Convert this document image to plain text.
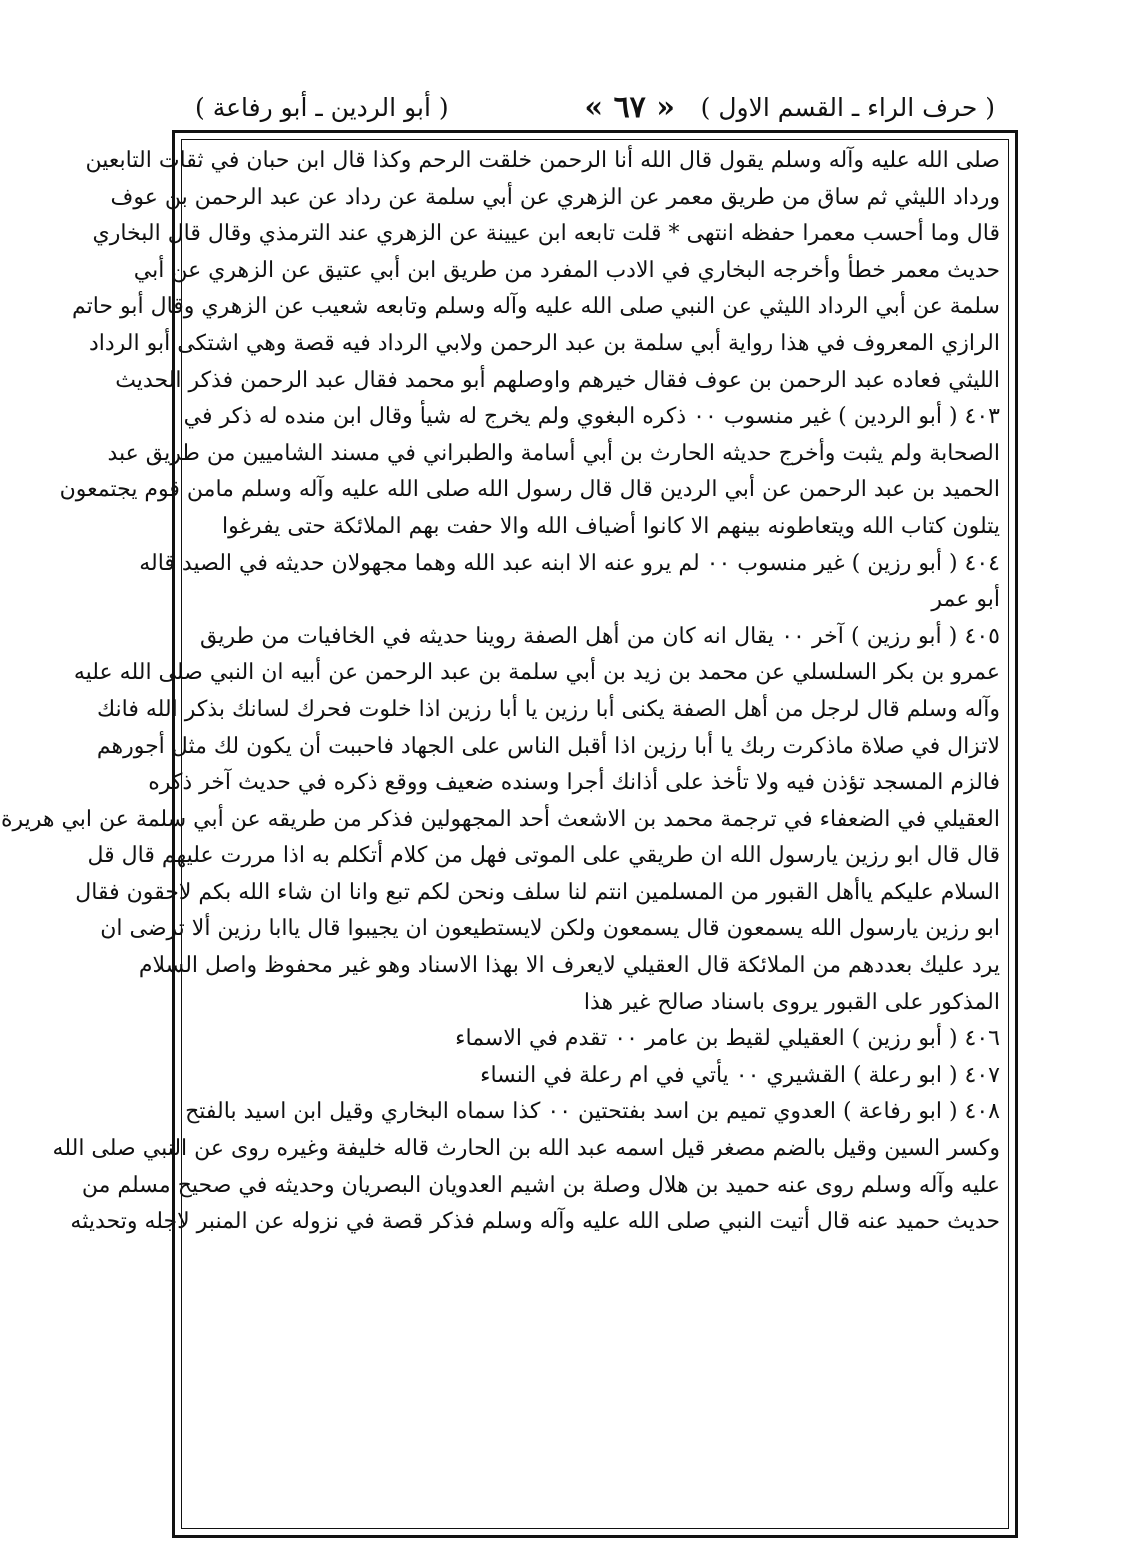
( حرف الراء ـ القسم الاول )
« ٦٧ »
( أبو الردين ـ أبو رفاعة )
صلى الله عليه وآله وسلم يقول قال الله أنا الرحمن خلقت الرحم وكذا قال ابن حبان في ثقات التابعين
ورداد الليثي ثم ساق من طريق معمر عن الزهري عن أبي سلمة عن رداد عن عبد الرحمن بن عوف
قال وما أحسب معمرا حفظه انتهى * قلت تابعه ابن عيينة عن الزهري عند الترمذي وقال قال البخاري
حديث معمر خطأ وأخرجه البخاري في الادب المفرد من طريق ابن أبي عتيق عن الزهري عن أبي
سلمة عن أبي الرداد الليثي عن النبي صلى الله عليه وآله وسلم وتابعه شعيب عن الزهري وقال أبو حاتم
الرازي المعروف في هذا رواية أبي سلمة بن عبد الرحمن ولابي الرداد فيه قصة وهي اشتكى أبو الرداد
الليثي فعاده عبد الرحمن بن عوف فقال خيرهم واوصلهم أبو محمد فقال عبد الرحمن فذكر الحديث
٤٠٣ ( أبو الردين ) غير منسوب ٠٠ ذكره البغوي ولم يخرج له شيأ وقال ابن منده له ذكر في
الصحابة ولم يثبت وأخرج حديثه الحارث بن أبي أسامة والطبراني في مسند الشاميين من طريق عبد
الحميد بن عبد الرحمن عن أبي الردين قال قال رسول الله صلى الله عليه وآله وسلم مامن قوم يجتمعون
يتلون كتاب الله ويتعاطونه بينهم الا كانوا أضياف الله والا حفت بهم الملائكة حتى يفرغوا
٤٠٤ ( أبو رزين ) غير منسوب ٠٠ لم يرو عنه الا ابنه عبد الله وهما مجهولان حديثه في الصيد قاله
أبو عمر
٤٠٥ ( أبو رزين ) آخر ٠٠ يقال انه كان من أهل الصفة روينا حديثه في الخافيات من طريق
عمرو بن بكر السلسلي عن محمد بن زيد بن أبي سلمة بن عبد الرحمن عن أبيه ان النبي صلى الله عليه
وآله وسلم قال لرجل من أهل الصفة يكنى أبا رزين يا أبا رزين اذا خلوت فحرك لسانك بذكر الله فانك
لاتزال في صلاة ماذكرت ربك يا أبا رزين اذا أقبل الناس على الجهاد فاحببت أن يكون لك مثل أجورهم
فالزم المسجد تؤذن فيه ولا تأخذ على أذانك أجرا وسنده ضعيف ووقع ذكره في حديث آخر ذكره
العقيلي في الضعفاء في ترجمة محمد بن الاشعث أحد المجهولين فذكر من طريقه عن أبي سلمة عن ابي هريرة
قال قال ابو رزين يارسول الله ان طريقي على الموتى فهل من كلام أتكلم به اذا مررت عليهم قال قل
السلام عليكم ياأهل القبور من المسلمين انتم لنا سلف ونحن لكم تبع وانا ان شاء الله بكم لاحقون فقال
ابو رزين يارسول الله يسمعون قال يسمعون ولكن لايستطيعون ان يجيبوا قال ياابا رزين ألا ترضى ان
يرد عليك بعددهم من الملائكة قال العقيلي لايعرف الا بهذا الاسناد وهو غير محفوظ واصل السلام
المذكور على القبور يروى باسناد صالح غير هذا
٤٠٦ ( أبو رزين ) العقيلي لقيط بن عامر ٠٠ تقدم في الاسماء
٤٠٧ ( ابو رعلة ) القشيري ٠٠ يأتي في ام رعلة في النساء
٤٠٨ ( ابو رفاعة ) العدوي تميم بن اسد بفتحتين ٠٠ كذا سماه البخاري وقيل ابن اسيد بالفتح
وكسر السين وقيل بالضم مصغر قيل اسمه عبد الله بن الحارث قاله خليفة وغيره روى عن النبي صلى الله
عليه وآله وسلم روى عنه حميد بن هلال وصلة بن اشيم العدويان البصريان وحديثه في صحيح مسلم من
حديث حميد عنه قال أتيت النبي صلى الله عليه وآله وسلم فذكر قصة في نزوله عن المنبر لاجله وتحديثه
